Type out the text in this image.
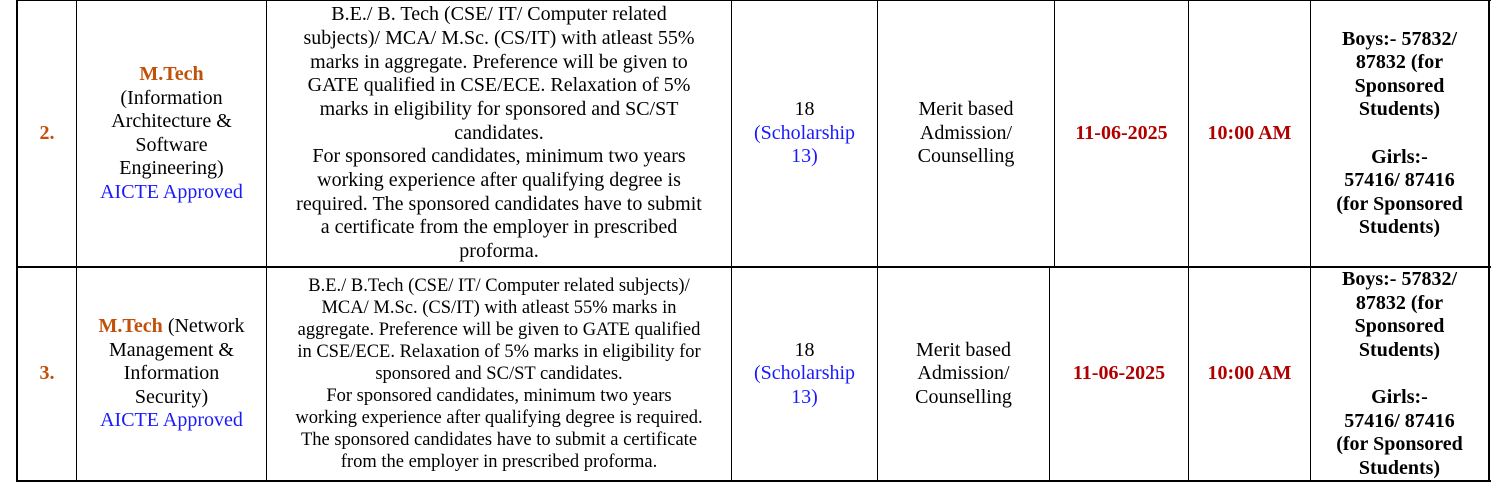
2.
M.Tech
(Information
Architecture &
Software
Engineering)
AICTE Approved
B.E./ B. Tech (CSE/ IT/ Computer related
subjects)/ MCA/ M.Sc. (CS/IT) with atleast 55%
marks in aggregate. Preference will be given to
GATE qualified in CSE/ECE. Relaxation of 5%
marks in eligibility for sponsored and SC/ST
candidates.
For sponsored candidates, minimum two years
working experience after qualifying degree is
required. The sponsored candidates have to submit
a certificate from the employer in prescribed
proforma.
18
(Scholarship
13)
Merit based
Admission/
Counselling
11-06-2025 10:00 AM
Boys:- 57832/
87832 (for
Sponsored
Students)
Girls:-
57416/ 87416
(for Sponsored
Students)
3.
M.Tech (Network
Management &
Information
Security)
AICTE Approved
B.E./ B.Tech (CSE/ IT/ Computer related subjects)/
MCA/ M.Sc. (CS/IT) with atleast 55% marks in
aggregate. Preference will be given to GATE qualified
in CSE/ECE. Relaxation of 5% marks in eligibility for
sponsored and SC/ST candidates.
For sponsored candidates, minimum two years
working experience after qualifying degree is required.
The sponsored candidates have to submit a certificate
from the employer in prescribed proforma.
18
(Scholarship
13)
Merit based
Admission/
Counselling
11-06-2025 10:00 AM
Boys:- 57832/
87832 (for
Sponsored
Students)
Girls:-
57416/ 87416
(for Sponsored
Students)
